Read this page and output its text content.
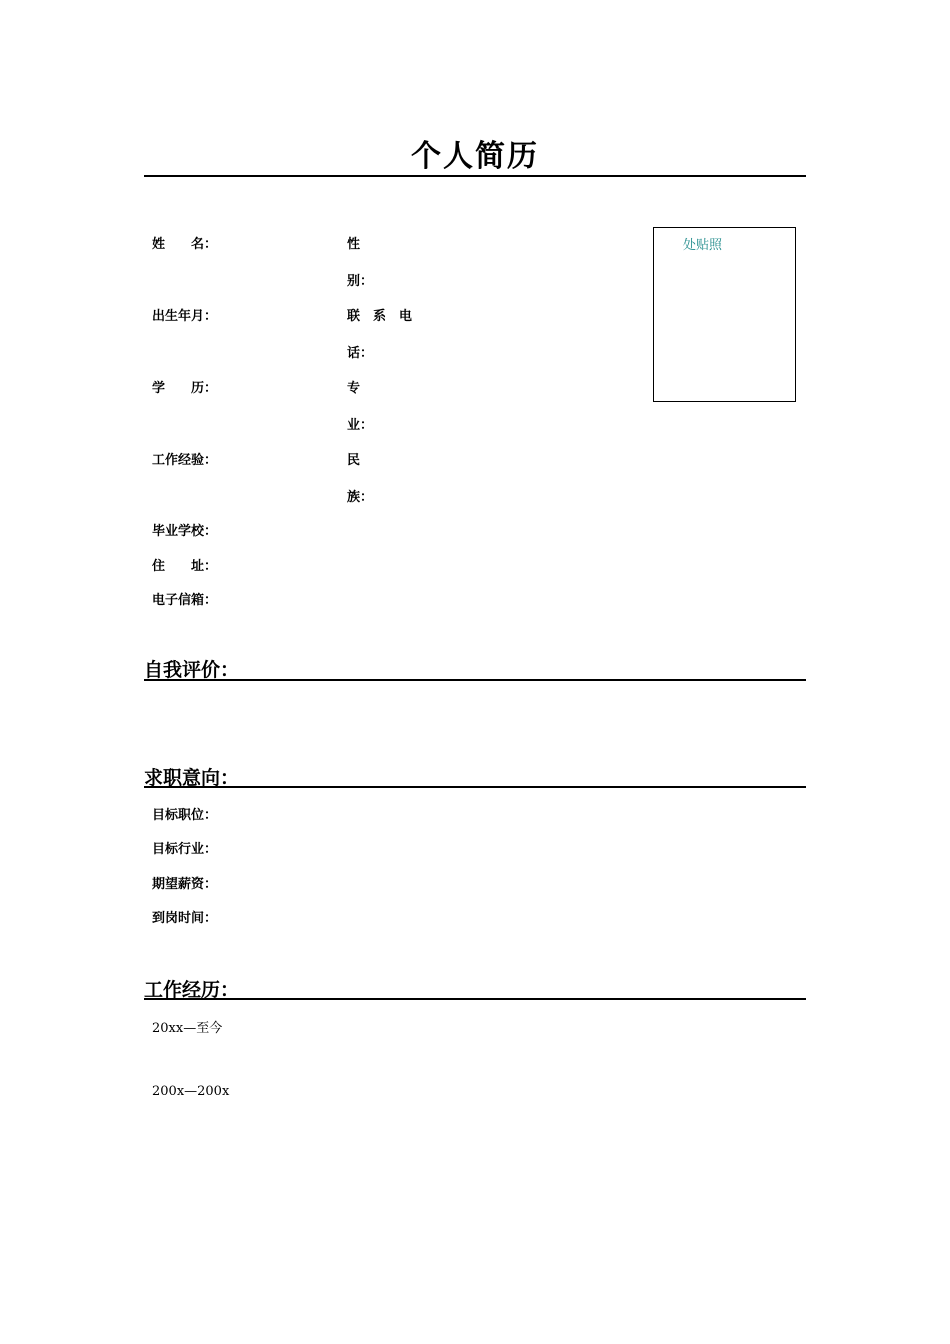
个人简历
姓　　名：
出生年月：
学　　历：
工作经验：
毕业学校：
住　　址：
电子信箱：
性
别：
联　系　电
话：
专
业：
民
族：
处贴照
自我评价：
求职意向：
目标职位：
目标行业：
期望薪资：
到岗时间：
工作经历：
20xx—至今
200x—200x
